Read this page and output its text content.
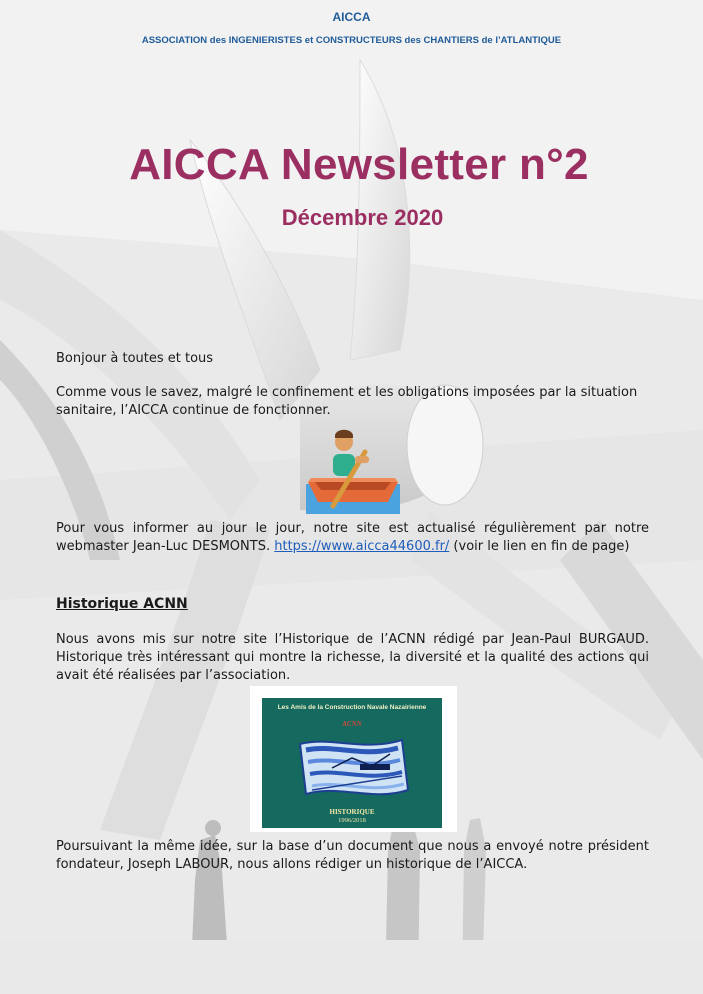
AICCA
ASSOCIATION des INGENIERISTES et CONSTRUCTEURS des CHANTIERS de l’ATLANTIQUE
AICCA Newsletter n°2
Décembre 2020
Bonjour à toutes et tous
Comme vous le savez, malgré le confinement et les obligations imposées par la situation sanitaire, l’AICCA continue de fonctionner.
Pour vous informer au jour le jour, notre site est actualisé régulièrement par notre webmaster Jean-Luc DESMONTS. https://www.aicca44600.fr/ (voir le lien en fin de page)
Historique ACNN
Nous avons mis sur notre site l’Historique de l’ACNN rédigé par Jean-Paul BURGAUD. Historique très intéressant qui montre la richesse, la diversité et la qualité des actions qui avait été réalisées par l’association.
Les Amis de la Construction Navale Nazairienne
ACNN
HISTORIQUE
1996/2018
Poursuivant la même idée, sur la base d’un document que nous a envoyé notre président fondateur, Joseph LABOUR, nous allons rédiger un historique de l’AICCA.
